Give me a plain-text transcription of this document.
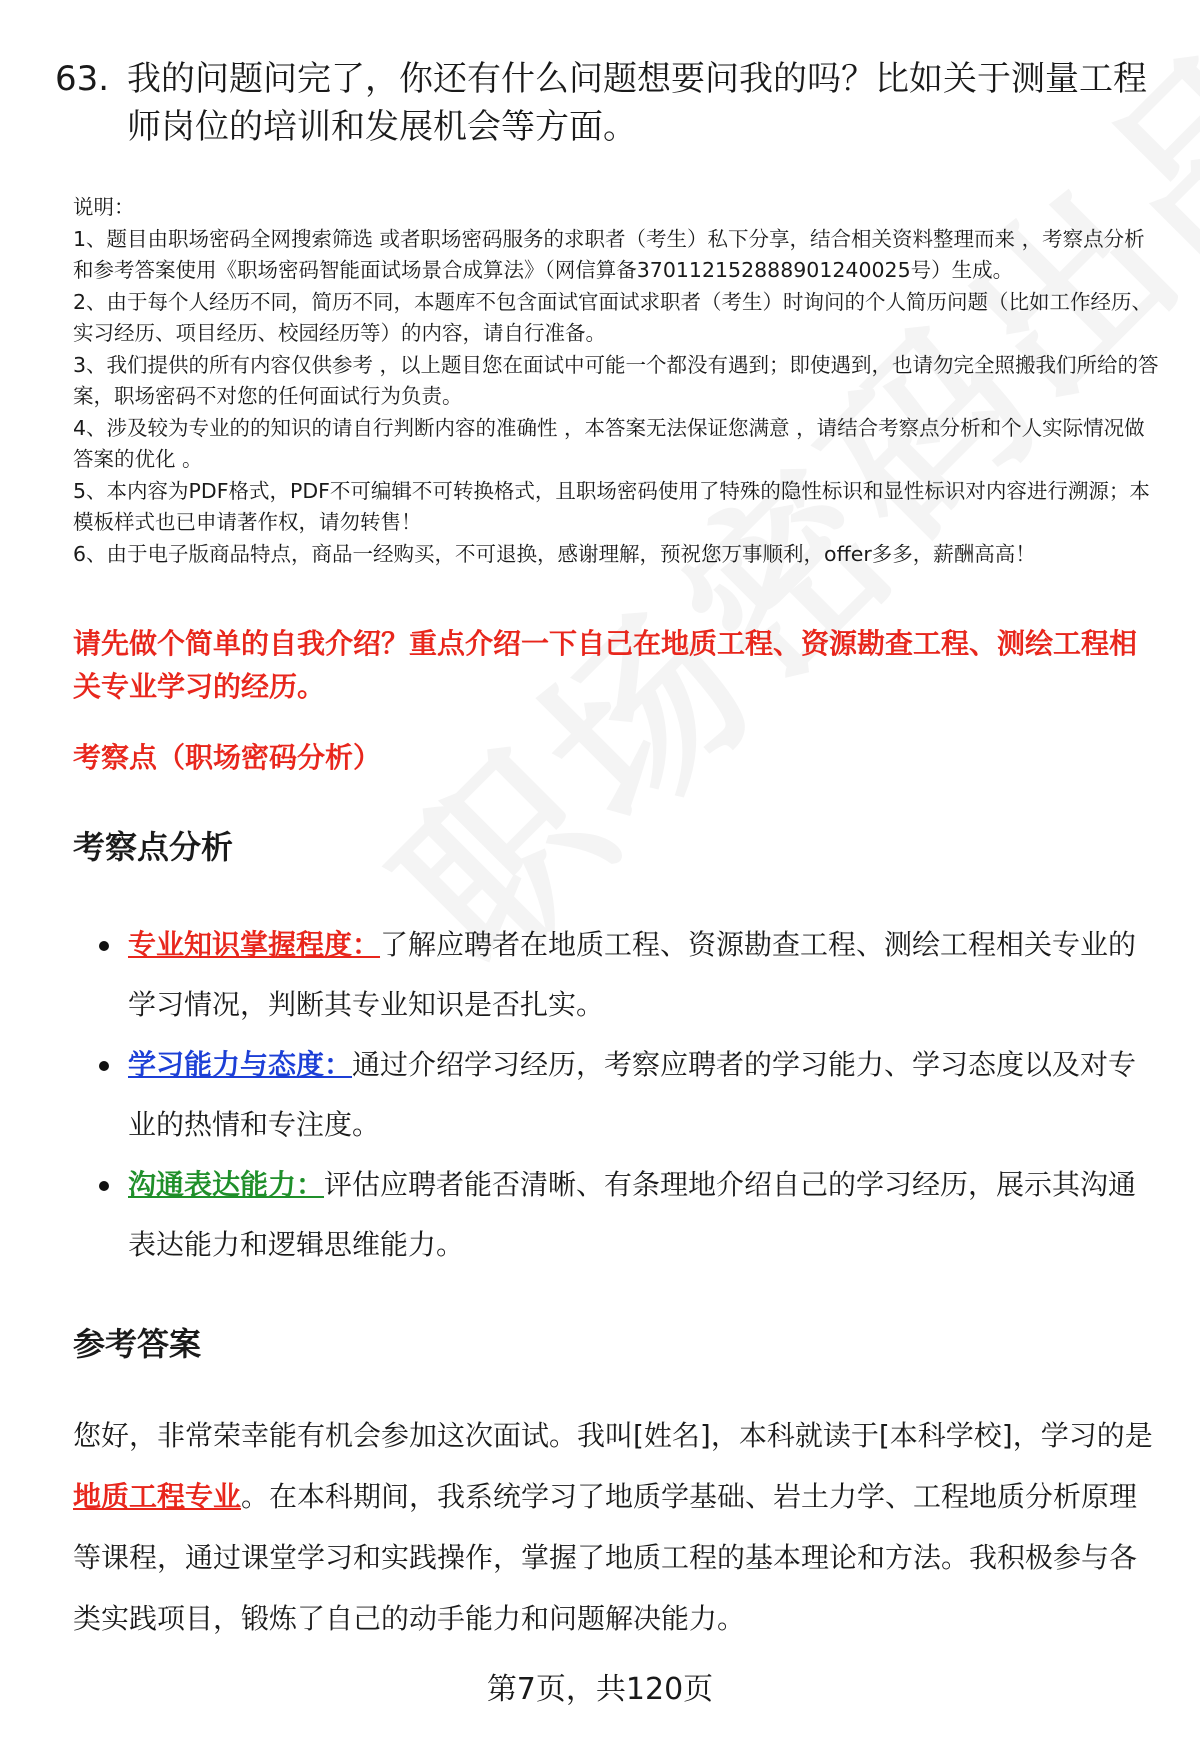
63. 我的问题问完了，你还有什么问题想要问我的吗？比如关于测量工程师岗位的培训和发展机会等方面。

说明：

1、题目由职场密码全网搜索筛选 或者职场密码服务的求职者（考生）私下分享，结合相关资料整理而来 ，考察点分析和参考答案使用《职场密码智能面试场景合成算法》（网信算备370112152888901240025号）生成。

2、由于每个人经历不同，简历不同，本题库不包含面试官面试求职者（考生）时询问的个人简历问题（比如工作经历、实习经历、项目经历、校园经历等）的内容，请自行准备。

3、我们提供的所有内容仅供参考 ，以上题目您在面试中可能一个都没有遇到；即使遇到，也请勿完全照搬我们所给的答案，职场密码不对您的任何面试行为负责。

4、涉及较为专业的的知识的请自行判断内容的准确性 ，本答案无法保证您满意 ，请结合考察点分析和个人实际情况做答案的优化 。

5、本内容为PDF格式，PDF不可编辑不可转换格式，且职场密码使用了特殊的隐性标识和显性标识对内容进行溯源；本模板样式也已申请著作权，请勿转售！

6、由于电子版商品特点，商品一经购买，不可退换，感谢理解，预祝您万事顺利，offer多多，薪酬高高！

请先做个简单的自我介绍？重点介绍一下自己在地质工程、资源勘查工程、测绘工程相关专业学习的经历。
考察点（职场密码分析）
考察点分析
专业知识掌握程度：了解应聘者在地质工程、资源勘查工程、测绘工程相关专业的学习情况，判断其专业知识是否扎实。
学习能力与态度：通过介绍学习经历，考察应聘者的学习能力、学习态度以及对专业的热情和专注度。
沟通表达能力：评估应聘者能否清晰、有条理地介绍自己的学习经历，展示其沟通表达能力和逻辑思维能力。
参考答案
您好，非常荣幸能有机会参加这次面试。我叫[姓名]，本科就读于[本科学校]，学习的是地质工程专业。在本科期间，我系统学习了地质学基础、岩土力学、工程地质分析原理等课程，通过课堂学习和实践操作，掌握了地质工程的基本理论和方法。我积极参与各类实践项目，锻炼了自己的动手能力和问题解决能力。
第7页，共120页
